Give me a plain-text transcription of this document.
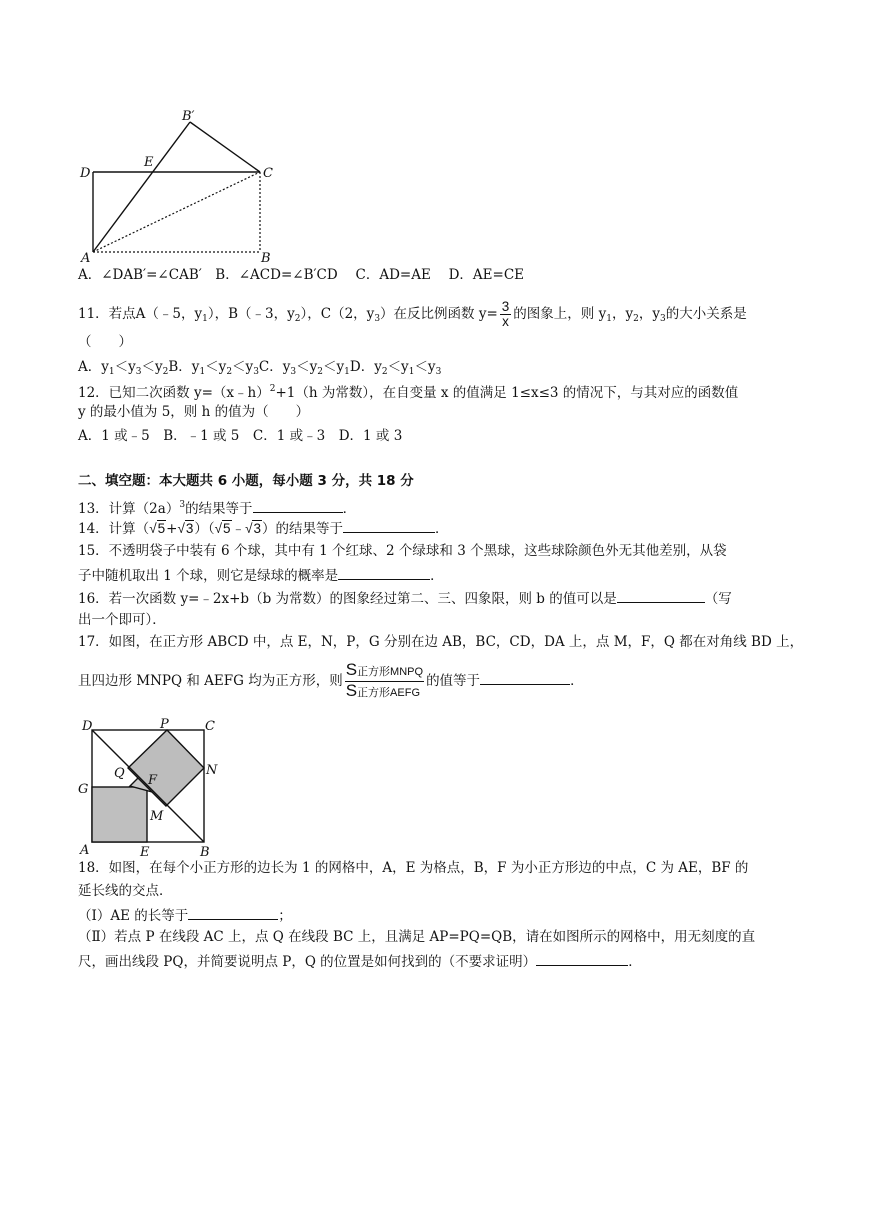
B′
D
E
C
A	B
A．∠DAB′=∠CAB′　B．∠ACD=∠B′CD　 C．AD=AE　 D．AE=CE
11．若点A（﹣5，$y_1$），B（﹣3，$y_2$），C（2，$y_3$）在反比例函数 $y= \frac{3}{x}$ 的图象上，则 $y_1$，$y_2$，$y_3$的大小关系是
（　　）
A．$y_1<y_3<y_2B$．$y_1<y_2<y_3C$．$y_3<y_2<y_1D$．$y_2<y_1<y_3$
12．已知二次函数 y=（x﹣h）$^2$+1（h 为常数），在自变量 x 的值满足 1≤x≤3 的情况下，与其对应的函数值
y 的最小值为 5，则 h 的值为（　　）
A．1 或﹣5　B．﹣1 或 5　C．1 或﹣3　D．1 或 3
二、填空题：本大题共 6 小题，每小题 3 分，共 18 分
13．计算$(2a)^3$的结果等于	．
14．计算（√5+√3）（√5﹣√3）的结果等于	．
15．不透明袋子中装有 6 个球，其中有 1 个红球、2 个绿球和 3 个黑球，这些球除颜色外无其他差别，从袋
子中随机取出 1 个球，则它是绿球的概率是	．
16．若一次函数 y=﹣2x+b（b 为常数）的图象经过第二、三、四象限，则 b 的值可以是	（写
出一个即可）．
17．如图，在正方形 ABCD 中，点 E，N，P，G 分别在边 AB，BC，CD，DA 上，点 M，F，Q 都在对角线 BD 上，
且四边形 MNPQ 和 AEFG 均为正方形，则 $\frac{\text{S正方形MNPQ}}{\text{S正方形AEFG}}$ 的值等于	．
D	P	C
Q F
N
G
M
A	E	B
18．如图，在每个小正方形的边长为 1 的网格中，A，E 为格点，B，F 为小正方形边的中点，C 为 AE，BF 的
延长线的交点．
（Ⅰ）AE 的长等于	；
（Ⅱ）若点 P 在线段 AC 上，点 Q 在线段 BC 上，且满足 AP=PQ=QB，请在如图所示的网格中，用无刻度的直
尺，画出线段 PQ，并简要说明点 P，Q 的位置是如何找到的（不要求证明）	．
